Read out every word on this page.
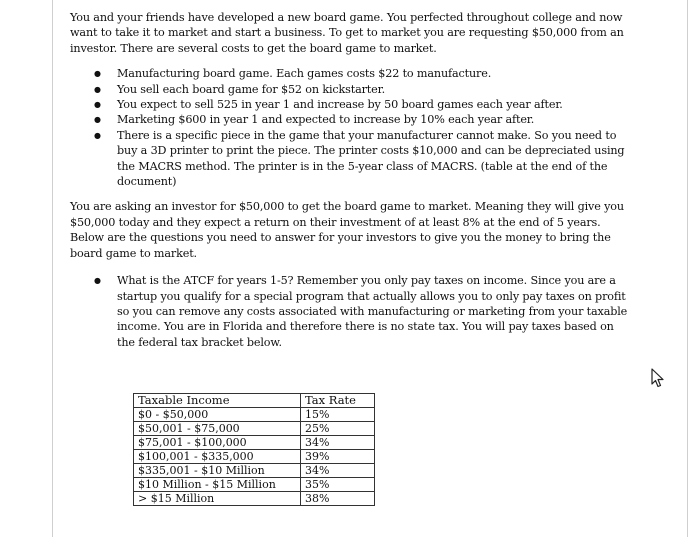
You and your friends have developed a new board game. You perfected throughout college and now want to take it to market and start a business. To get to market you are requesting $50,000 from an investor. There are several costs to get the board game to market.

● Manufacturing board game. Each games costs $22 to manufacture.
● You sell each board game for $52 on kickstarter.
● You expect to sell 525 in year 1 and increase by 50 board games each year after.
● Marketing $600 in year 1 and expected to increase by 10% each year after.
● There is a specific piece in the game that your manufacturer cannot make. So you need to buy a 3D printer to print the piece. The printer costs $10,000 and can be depreciated using the MACRS method. The printer is in the 5-year class of MACRS. (table at the end of the document)

You are asking an investor for $50,000 to get the board game to market. Meaning they will give you $50,000 today and they expect a return on their investment of at least 8% at the end of 5 years. Below are the questions you need to answer for your investors to give you the money to bring the board game to market.

● What is the ATCF for years 1-5? Remember you only pay taxes on income. Since you are a startup you qualify for a special program that actually allows you to only pay taxes on profit so you can remove any costs associated with manufacturing or marketing from your taxable income. You are in Florida and therefore there is no state tax. You will pay taxes based on the federal tax bracket below.

Taxable Income	Tax Rate
$0 - $50,000	15%
$50,001 - $75,000	25%
$75,001 - $100,000	34%
$100,001 - $335,000	39%
$335,001 - $10 Million	34%
$10 Million - $15 Million	35%
> $15 Million	38%
